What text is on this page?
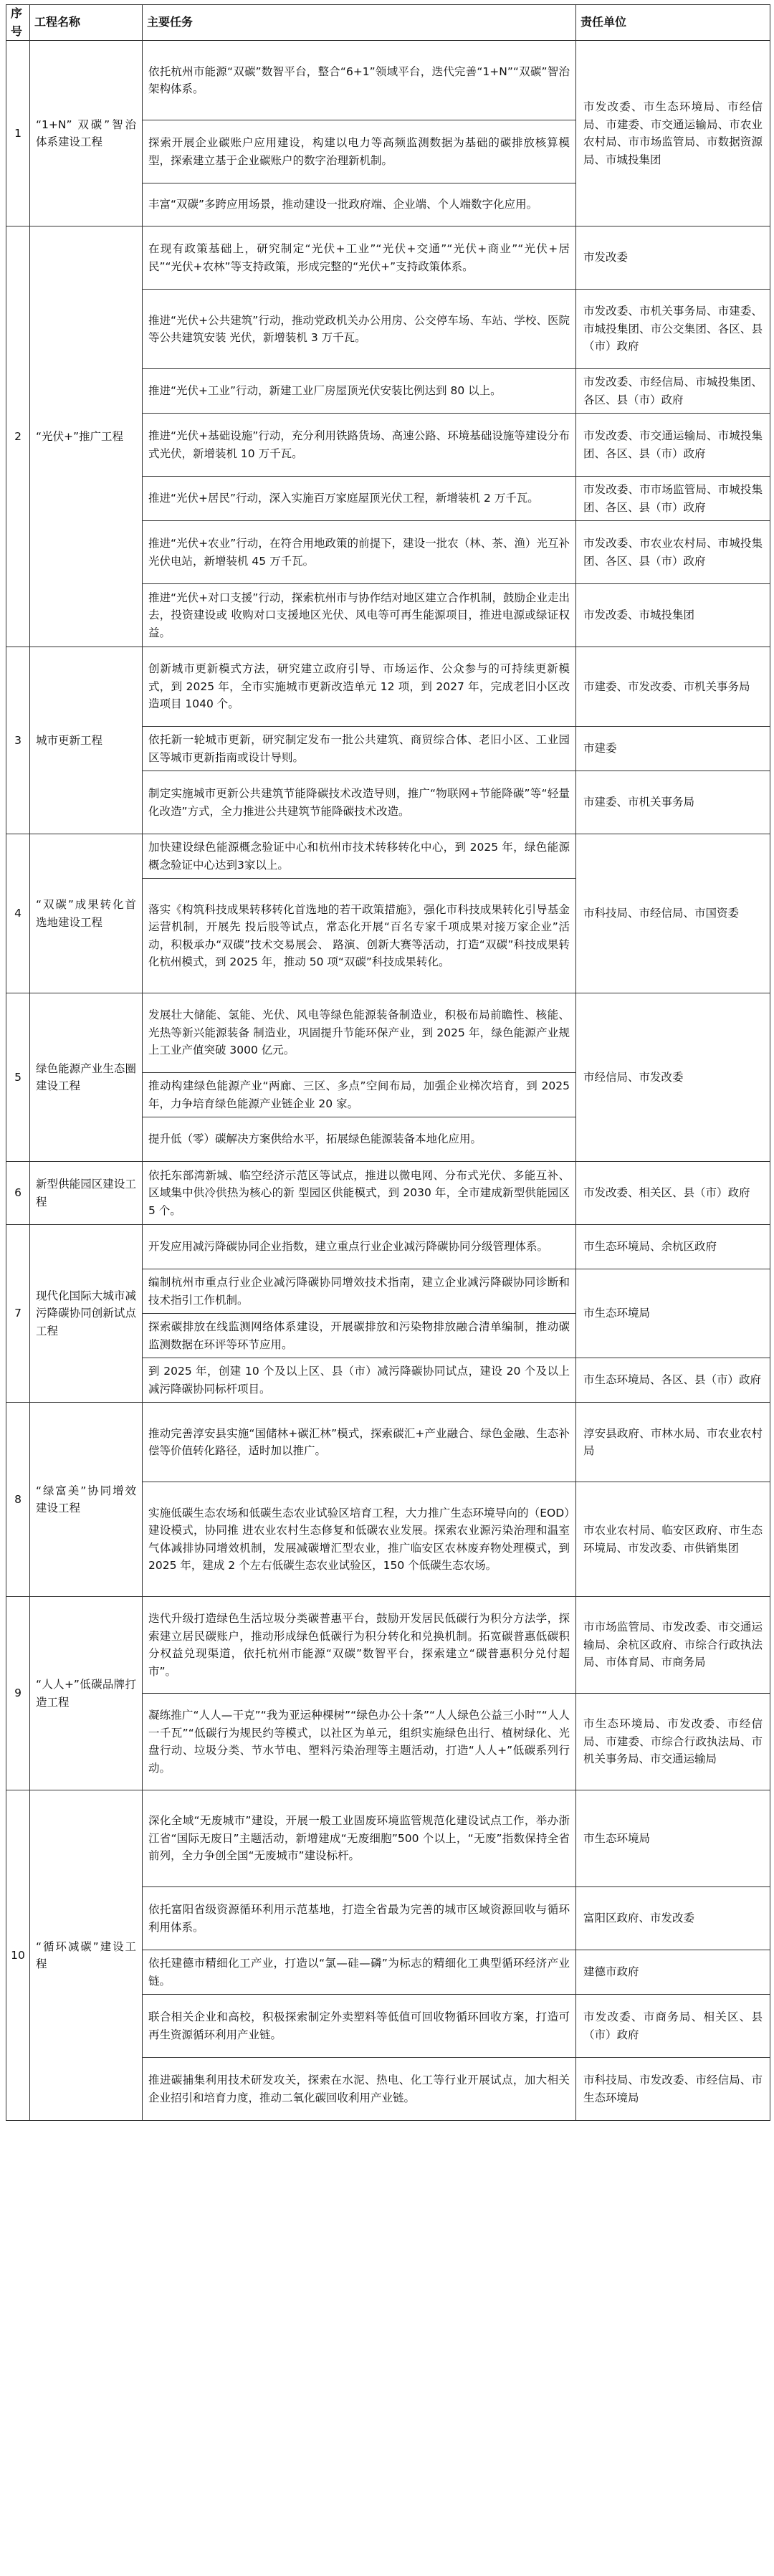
序号	工程名称	主要任务	责任单位
1	“1+N” 双碳”智治体系建设工程	依托杭州市能源“双碳”数智平台，整合“6+1”领域平台，迭代完善“1+N”“双碳”智治架构体系。	市发改委、市生态环境局、市经信局、市建委、市交通运输局、市农业农村局、市市场监管局、市数据资源局、市城投集团
		探索开展企业碳账户应用建设，构建以电力等高频监测数据为基础的碳排放核算模型，探索建立基于企业碳账户的数字治理新机制。	
		丰富“双碳”多跨应用场景，推动建设一批政府端、企业端、个人端数字化应用。	
2	“光伏+”推广工程	在现有政策基础上，研究制定“光伏+工业”“光伏+交通”“光伏+商业”“光伏+居民”“光伏+农林”等支持政策，形成完整的“光伏+”支持政策体系。	市发改委
		推进“光伏+公共建筑”行动，推动党政机关办公用房、公交停车场、车站、学校、医院等公共建筑安装 光伏，新增装机 3 万千瓦。	市发改委、市机关事务局、市建委、市城投集团、市公交集团、各区、县（市）政府
		推进“光伏+工业”行动，新建工业厂房屋顶光伏安装比例达到 80 以上。	市发改委、市经信局、市城投集团、各区、县（市）政府
		推进“光伏+基础设施”行动，充分利用铁路货场、高速公路、环境基础设施等建设分布式光伏，新增装机 10 万千瓦。	市发改委、市交通运输局、市城投集团、各区、县（市）政府
		推进“光伏+居民”行动，深入实施百万家庭屋顶光伏工程，新增装机 2 万千瓦。	市发改委、市市场监管局、市城投集团、各区、县（市）政府
		推进“光伏+农业”行动，在符合用地政策的前提下，建设一批农（林、茶、渔）光互补光伏电站，新增装机 45 万千瓦。	市发改委、市农业农村局、市城投集团、各区、县（市）政府
		推进“光伏+对口支援”行动，探索杭州市与协作结对地区建立合作机制，鼓励企业走出去，投资建设或 收购对口支援地区光伏、风电等可再生能源项目，推进电源或绿证权益。	市发改委、市城投集团
3	城市更新工程	创新城市更新模式方法，研究建立政府引导、市场运作、公众参与的可持续更新模式，到 2025 年，全市实施城市更新改造单元 12 项，到 2027 年，完成老旧小区改造项目 1040 个。	市建委、市发改委、市机关事务局
		依托新一轮城市更新，研究制定发布一批公共建筑、商贸综合体、老旧小区、工业园区等城市更新指南或设计导则。	市建委
		制定实施城市更新公共建筑节能降碳技术改造导则，推广“物联网+节能降碳”等“轻量化改造”方式，全力推进公共建筑节能降碳技术改造。	市建委、市机关事务局
4	“双碳”成果转化首选地建设工程	加快建设绿色能源概念验证中心和杭州市技术转移转化中心，到 2025 年，绿色能源概念验证中心达到3家以上。	市科技局、市经信局、市国资委
		落实《构筑科技成果转移转化首选地的若干政策措施》，强化市科技成果转化引导基金运营机制，开展先 投后股等试点，常态化开展“百名专家千项成果对接万家企业”活动，积极承办“双碳”技术交易展会、 路演、创新大赛等活动，打造“双碳”科技成果转化杭州模式，到 2025 年，推动 50 项“双碳”科技成果转化。	
5	绿色能源产业生态圈建设工程	发展壮大储能、氢能、光伏、风电等绿色能源装备制造业，积极布局前瞻性、核能、光热等新兴能源装备 制造业，巩固提升节能环保产业，到 2025 年，绿色能源产业规上工业产值突破 3000 亿元。	市经信局、市发改委
		推动构建绿色能源产业“两廊、三区、多点”空间布局，加强企业梯次培育，到 2025 年，力争培育绿色能源产业链企业 20 家。	
		提升低（零）碳解决方案供给水平，拓展绿色能源装备本地化应用。	
6	新型供能园区建设工程	依托东部湾新城、临空经济示范区等试点，推进以微电网、分布式光伏、多能互补、区域集中供冷供热为核心的新 型园区供能模式，到 2030 年，全市建成新型供能园区 5 个。	市发改委、相关区、县（市）政府
7	现代化国际大城市减污降碳协同创新试点工程	开发应用减污降碳协同企业指数，建立重点行业企业减污降碳协同分级管理体系。	市生态环境局、余杭区政府
		编制杭州市重点行业企业减污降碳协同增效技术指南，建立企业减污降碳协同诊断和技术指引工作机制。	市生态环境局
		探索碳排放在线监测网络体系建设，开展碳排放和污染物排放融合清单编制，推动碳监测数据在环评等环节应用。	
		到 2025 年，创建 10 个及以上区、县（市）减污降碳协同试点，建设 20 个及以上减污降碳协同标杆项目。	市生态环境局、各区、县（市）政府
8	“绿富美”协同增效建设工程	推动完善淳安县实施“国储林+碳汇林”模式，探索碳汇+产业融合、绿色金融、生态补偿等价值转化路径，适时加以推广。	淳安县政府、市林水局、市农业农村局
		实施低碳生态农场和低碳生态农业试验区培育工程，大力推广生态环境导向的（EOD）建设模式，协同推 进农业农村生态修复和低碳农业发展。探索农业源污染治理和温室气体减排协同增效机制，发展减碳增汇型农业，推广临安区农林废弃物处理模式，到 2025 年，建成 2 个左右低碳生态农业试验区，150 个低碳生态农场。	市农业农村局、临安区政府、市生态环境局、市发改委、市供销集团
9	“人人+”低碳品牌打造工程	迭代升级打造绿色生活垃圾分类碳普惠平台，鼓励开发居民低碳行为积分方法学，探索建立居民碳账户，推动形成绿色低碳行为积分转化和兑换机制。拓宽碳普惠低碳积分权益兑现渠道，依托杭州市能源“双碳”数智平台，探索建立“碳普惠积分兑付超市”。	市市场监管局、市发改委、市交通运输局、余杭区政府、市综合行政执法局、市体育局、市商务局
		凝练推广“人人—干克”“我为亚运种棵树”“绿色办公十条”“人人绿色公益三小时”“人人一千瓦”“低碳行为规民约等模式，以社区为单元，组织实施绿色出行、植树绿化、光盘行动、垃圾分类、节水节电、塑料污染治理等主题活动，打造“人人+”低碳系列行动。	市生态环境局、市发改委、市经信局、市建委、市综合行政执法局、市机关事务局、市交通运输局
10	“循环减碳”建设工程	深化全域“无废城市”建设，开展一般工业固废环境监管规范化建设试点工作，举办浙江省“国际无废日”主题活动，新增建成“无废细胞”500 个以上，“无废”指数保持全省前列，全力争创全国“无废城市”建设标杆。	市生态环境局
		依托富阳省级资源循环利用示范基地，打造全省最为完善的城市区域资源回收与循环利用体系。	富阳区政府、市发改委
		依托建德市精细化工产业，打造以“氯—硅—磷”为标志的精细化工典型循环经济产业链。	建德市政府
		联合相关企业和高校，积极探索制定外卖塑料等低值可回收物循环回收方案，打造可再生资源循环利用产业链。	市发改委、市商务局、相关区、县（市）政府
		推进碳捕集利用技术研发攻关，探索在水泥、热电、化工等行业开展试点，加大相关企业招引和培育力度，推动二氧化碳回收利用产业链。	市科技局、市发改委、市经信局、市生态环境局
